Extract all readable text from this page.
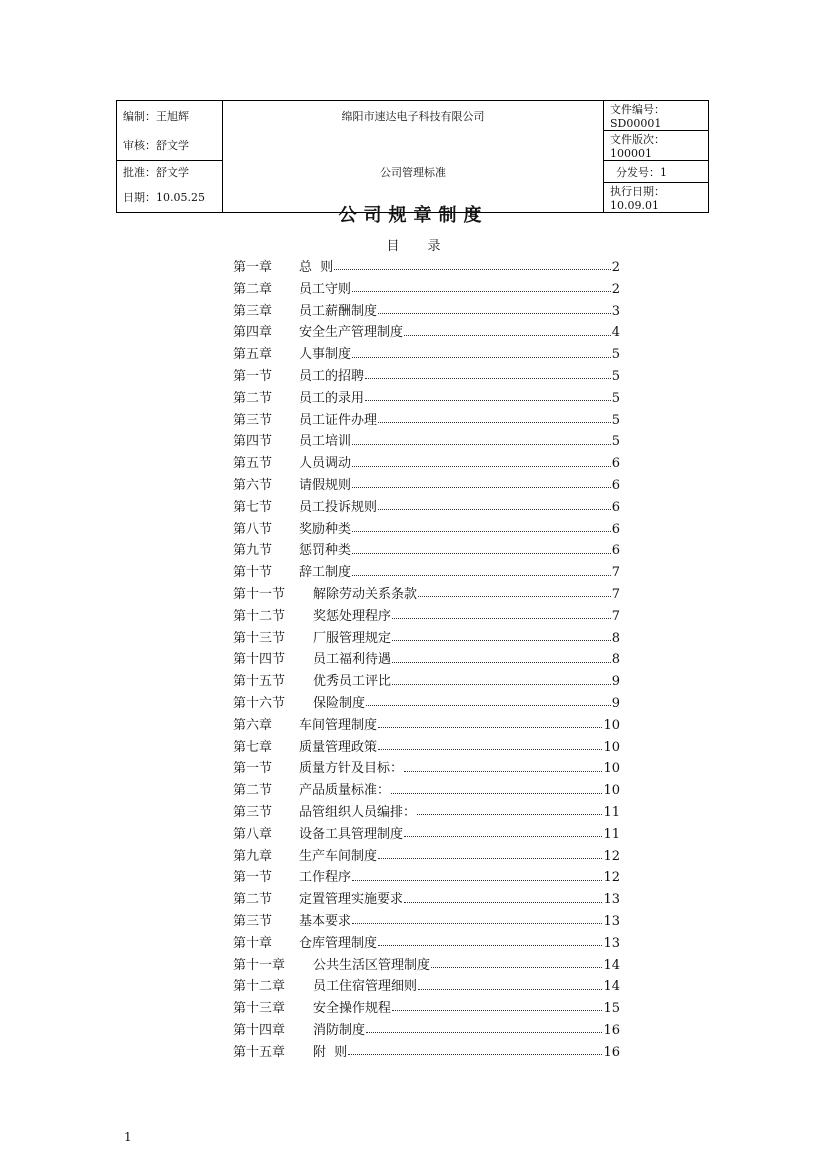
编制：王旭辉	绵阳市速达电子科技有限公司	文件编号：SD00001
审核：舒文学		文件版次：100001
批准：舒文学	公司管理标准	分发号：1
日期：10.05.25		执行日期：10.09.01
公司规章制度
目录
第一章	总  则	2
第二章	员工守则	2
第三章	员工薪酬制度	3
第四章	安全生产管理制度	4
第五章	人事制度	5
第一节	员工的招聘	5
第二节	员工的录用	5
第三节	员工证件办理	5
第四节	员工培训	5
第五节	人员调动	6
第六节	请假规则	6
第七节	员工投诉规则	6
第八节	奖励种类	6
第九节	惩罚种类	6
第十节	辞工制度	7
第十一节	解除劳动关系条款	7
第十二节	奖惩处理程序	7
第十三节	厂服管理规定	8
第十四节	员工福利待遇	8
第十五节	优秀员工评比	9
第十六节	保险制度	9
第六章	车间管理制度	10
第七章	质量管理政策	10
第一节	质量方针及目标：	10
第二节	产品质量标准：	10
第三节	品管组织人员编排：	11
第八章	设备工具管理制度	11
第九章	生产车间制度	12
第一节	工作程序	12
第二节	定置管理实施要求	13
第三节	基本要求	13
第十章	仓库管理制度	13
第十一章	公共生活区管理制度	14
第十二章	员工住宿管理细则	14
第十三章	安全操作规程	15
第十四章	消防制度	16
第十五章	附  则	16
1
